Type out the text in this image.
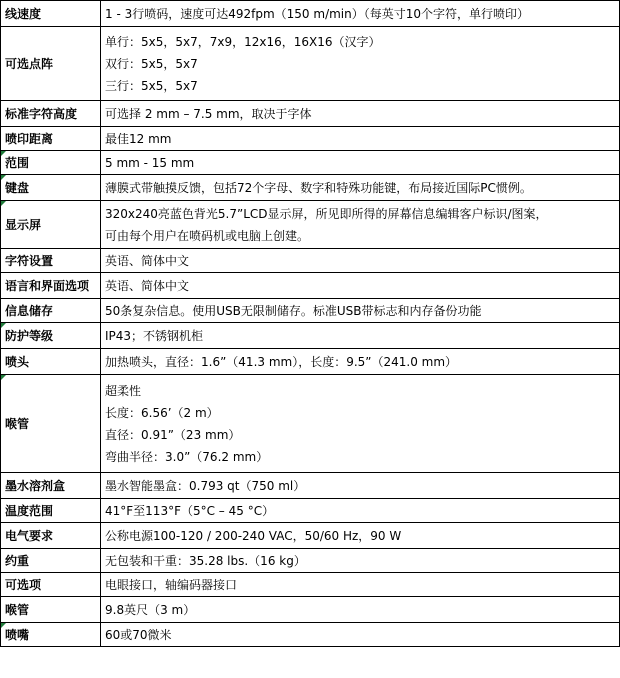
线速度	1 - 3行喷码，速度可达492fpm（150 m/min）（每英寸10个字符，单行喷印）

可选点阵	单行：5x5，5x7，7x9，12x16，16X16（汉字）
双行：5x5，5x7
三行：5x5，5x7

标准字符高度	可选择 2 mm – 7.5 mm，取决于字体

喷印距离	最佳12 mm

范围	5 mm - 15 mm

键盘	薄膜式带触摸反馈，包括72个字母、数字和特殊功能键，布局接近国际PC惯例。

显示屏	320x240亮蓝色背光5.7”LCD显示屏，所见即所得的屏幕信息编辑客户标识/图案，
可由每个用户在喷码机或电脑上创建。

字符设置	英语、简体中文

语言和界面选项	英语、简体中文

信息储存	50条复杂信息。使用USB无限制储存。标准USB带标志和内存备份功能

防护等级	IP43；不锈钢机柜

喷头	加热喷头，直径：1.6”（41.3 mm），长度：9.5”（241.0 mm）

喉管	超柔性
长度：6.56’（2 m）
直径：0.91”（23 mm）
弯曲半径：3.0”（76.2 mm）

墨水溶剂盒	墨水智能墨盒：0.793 qt（750 ml）

温度范围	41°F至113°F（5°C – 45 °C）

电气要求	公称电源100-120 / 200-240 VAC，50/60 Hz，90 W

约重	无包装和干重：35.28 lbs.（16 kg）

可选项	电眼接口，轴编码器接口

喉管	9.8英尺（3 m）

喷嘴	60或70微米
